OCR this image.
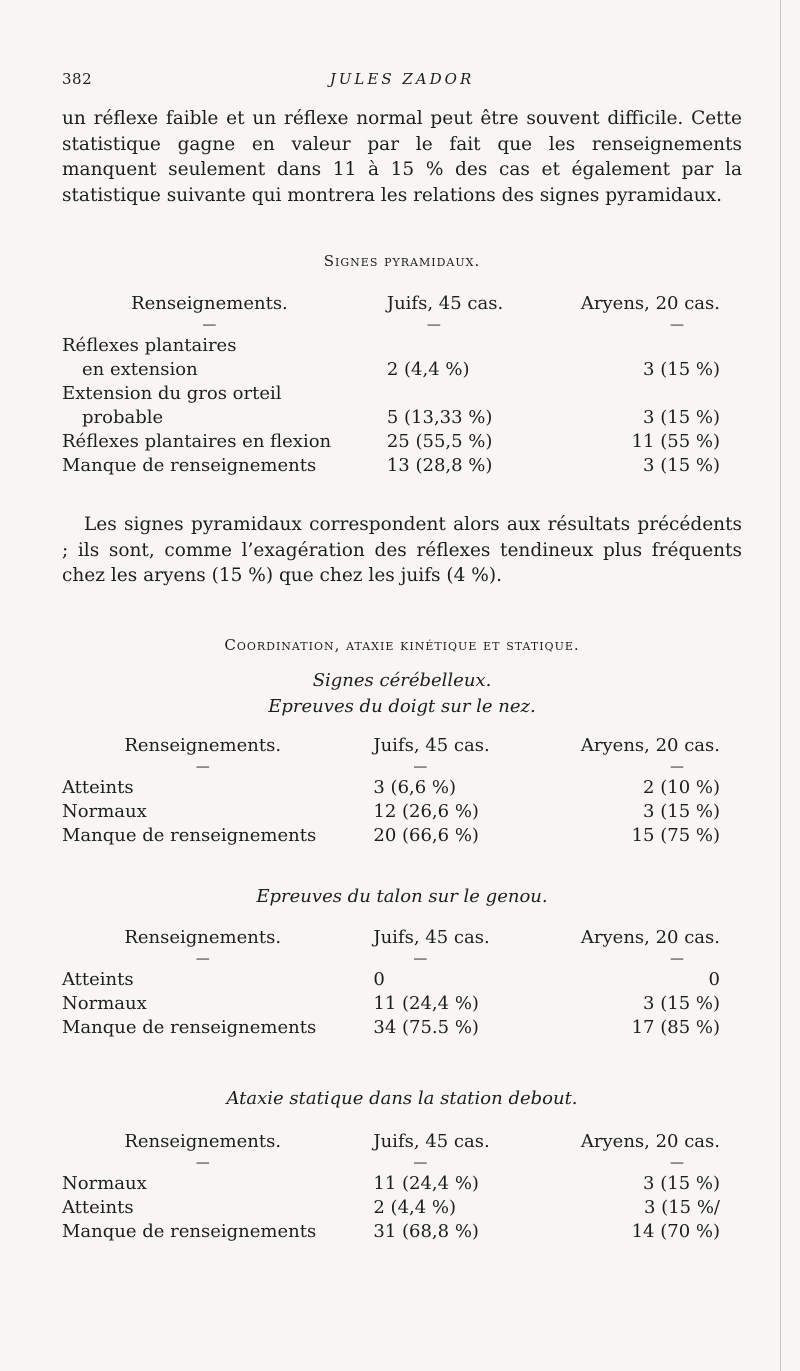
382	JULES ZADOR
un réflexe faible et un réflexe normal peut être souvent difficile. Cette statistique gagne en valeur par le fait que les renseignements manquent seulement dans 11 à 15 % des cas et également par la statistique suivante qui montrera les relations des signes pyramidaux.
Signes pyramidaux.
Renseignements.	Juifs, 45 cas.	Aryens, 20 cas.
—	—	—
Réflexes plantaires		
en extension	2 (4,4 %)	3 (15 %)
Extension du gros orteil		
probable	5 (13,33 %)	3 (15 %)
Réflexes plantaires en flexion	25 (55,5 %)	11 (55 %)
Manque de renseignements	13 (28,8 %)	3 (15 %)
Les signes pyramidaux correspondent alors aux résultats précédents ; ils sont, comme l’exagération des réflexes tendineux plus fréquents chez les aryens (15 %) que chez les juifs (4 %).
Coordination, ataxie kinétique et statique.
Signes cérébelleux.
Epreuves du doigt sur le nez.
Renseignements.	Juifs, 45 cas.	Aryens, 20 cas.
—	—	—
Atteints	3 (6,6 %)	2 (10 %)
Normaux	12 (26,6 %)	3 (15 %)
Manque de renseignements	20 (66,6 %)	15 (75 %)
Epreuves du talon sur le genou.
Renseignements.	Juifs, 45 cas.	Aryens, 20 cas.
—	—	—
Atteints	0	0
Normaux	11 (24,4 %)	3 (15 %)
Manque de renseignements	34 (75.5 %)	17 (85 %)
Ataxie statique dans la station debout.
Renseignements.	Juifs, 45 cas.	Aryens, 20 cas.
—	—	—
Normaux	11 (24,4 %)	3 (15 %)
Atteints	2 (4,4 %)	3 (15 %/
Manque de renseignements	31 (68,8 %)	14 (70 %)
